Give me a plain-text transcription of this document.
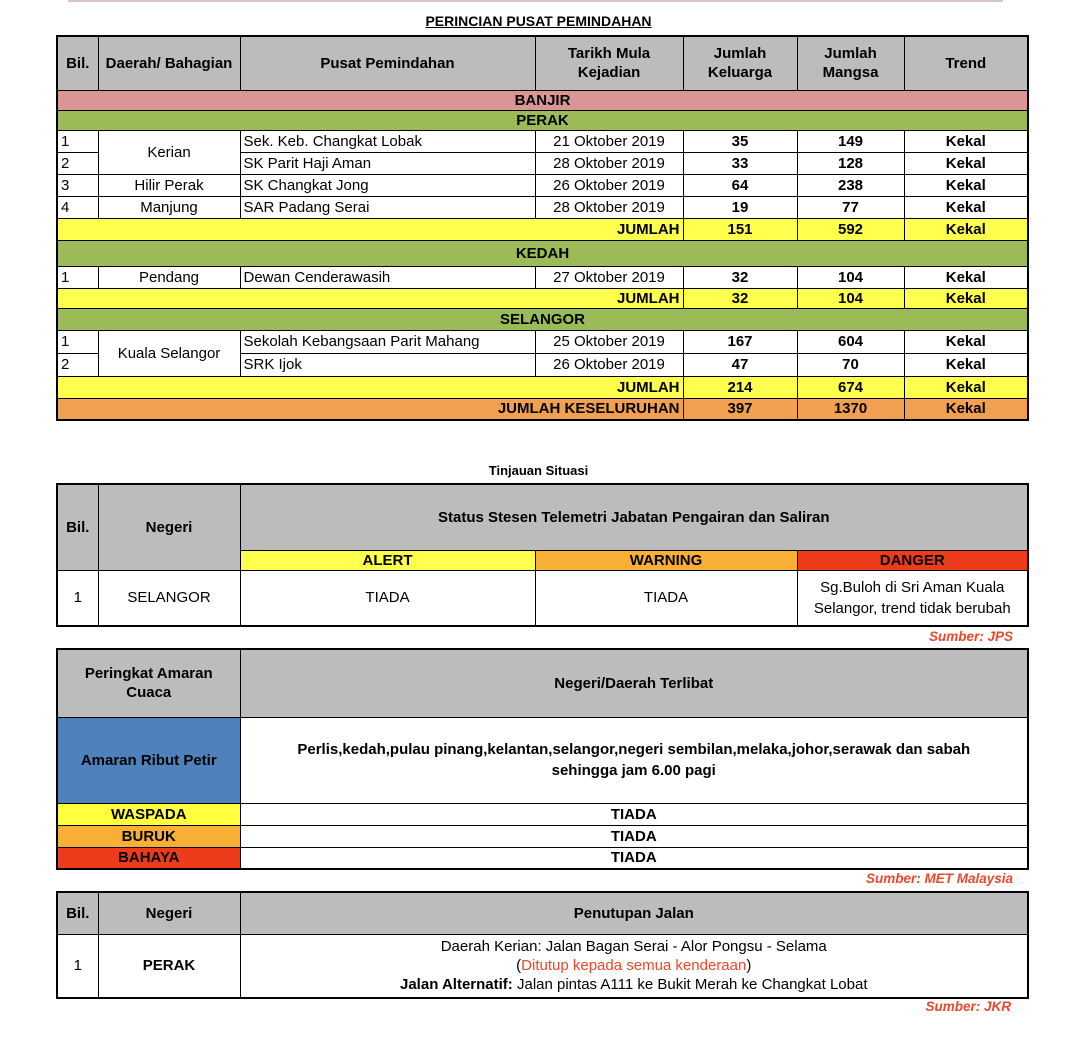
PERINCIAN PUSAT PEMINDAHAN
Bil.	Daerah/ Bahagian	Pusat Pemindahan	Tarikh Mula Kejadian	Jumlah Keluarga	Jumlah Mangsa	Trend
BANJIR						
PERAK						
1	Kerian	Sek. Keb. Changkat Lobak	21 Oktober 2019	35	149	Kekal
2		SK Parit Haji Aman	28 Oktober 2019	33	128	Kekal
3	Hilir Perak	SK Changkat Jong	26 Oktober 2019	64	238	Kekal
4	Manjung	SAR Padang Serai	28 Oktober 2019	19	77	Kekal
JUMLAH				151	592	Kekal
KEDAH						
1	Pendang	Dewan Cenderawasih	27 Oktober 2019	32	104	Kekal
JUMLAH				32	104	Kekal
SELANGOR						
1	Kuala Selangor	Sekolah Kebangsaan Parit Mahang	25 Oktober 2019	167	604	Kekal
2		SRK Ijok	26 Oktober 2019	47	70	Kekal
JUMLAH				214	674	Kekal
JUMLAH KESELURUHAN				397	1370	Kekal
Tinjauan Situasi
Bil.	Negeri	Status Stesen Telemetri Jabatan Pengairan dan Saliran		
		ALERT	WARNING	DANGER
1	SELANGOR	TIADA	TIADA	Sg.Buloh di Sri Aman Kuala Selangor, trend tidak berubah
Sumber: JPS
Peringkat Amaran Cuaca	Negeri/Daerah Terlibat
Amaran Ribut Petir	Perlis,kedah,pulau pinang,kelantan,selangor,negeri sembilan,melaka,johor,serawak dan sabah sehingga jam 6.00 pagi
WASPADA	TIADA
BURUK	TIADA
BAHAYA	TIADA
Sumber: MET Malaysia
Bil.	Negeri	Penutupan Jalan
1	PERAK	Daerah Kerian: Jalan Bagan Serai - Alor Pongsu - Selama
(Ditutup kepada semua kenderaan)
Jalan Alternatif: Jalan pintas A111 ke Bukit Merah ke Changkat Lobat
Sumber: JKR
